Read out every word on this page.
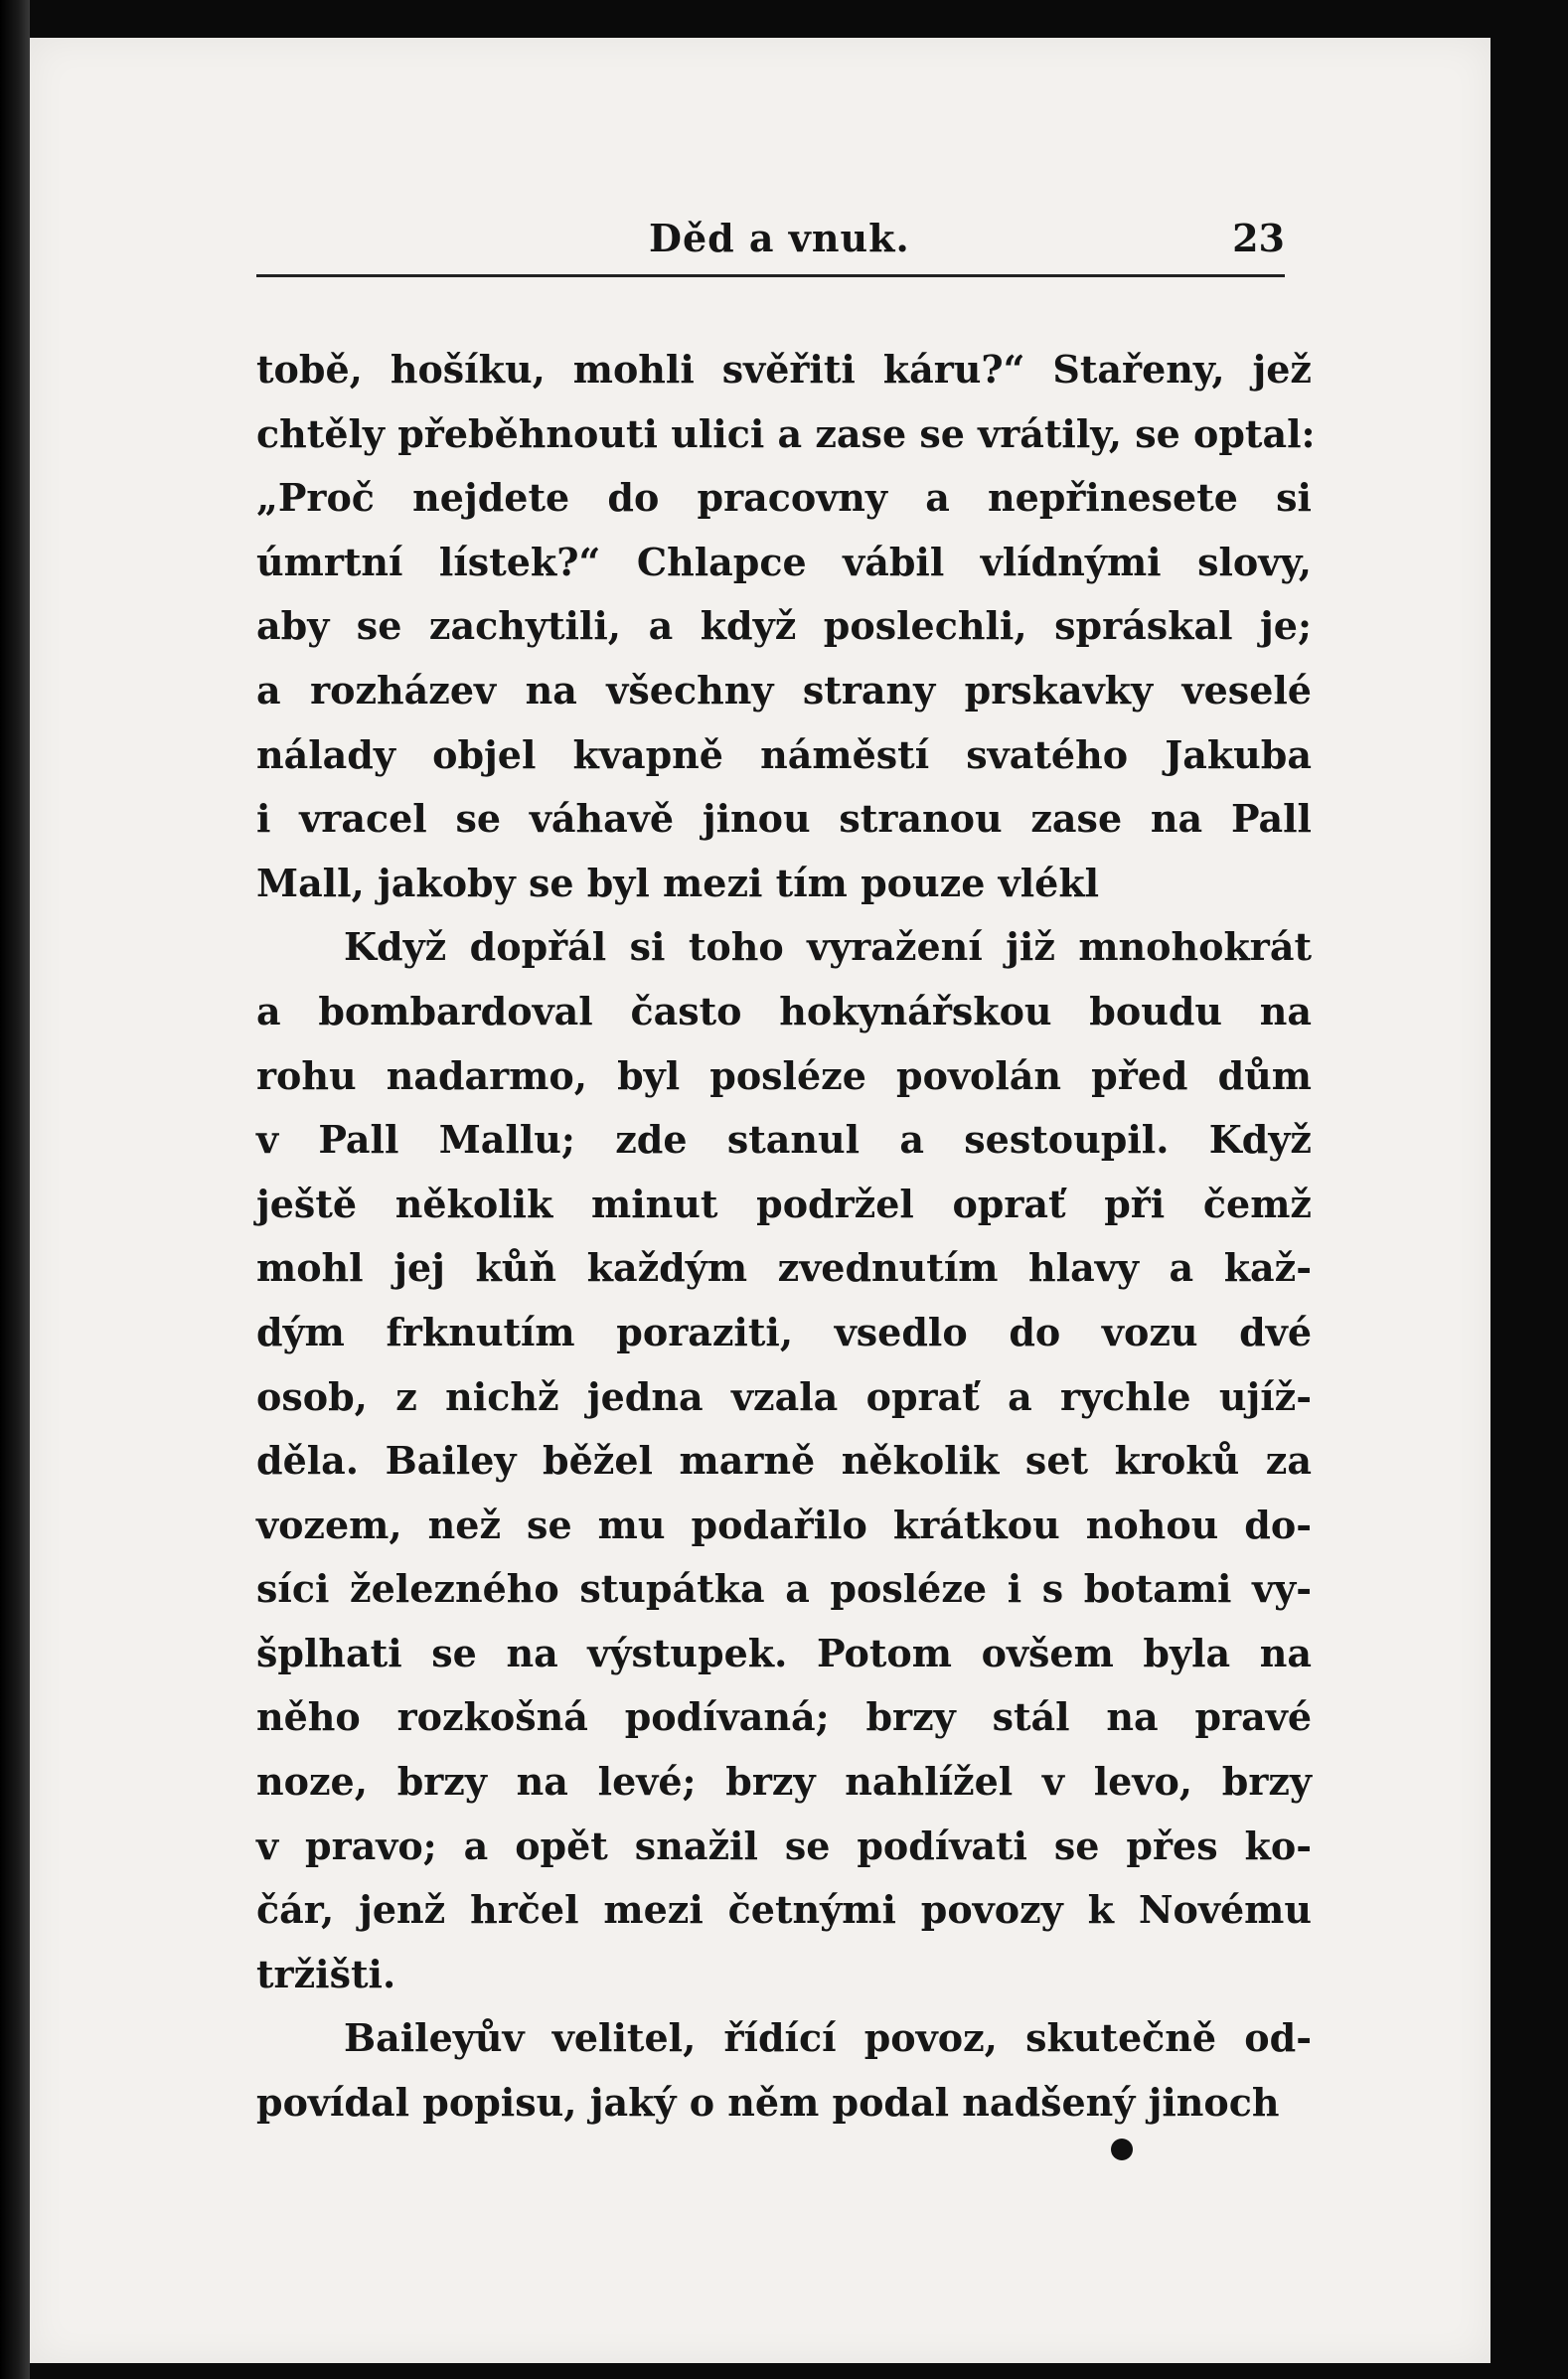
Děd a vnuk.	23
tobě, hošíku, mohli svěřiti káru?“ Stařeny, jež
chtěly přeběhnouti ulici a zase se vrátily, se optal:
„Proč nejdete do pracovny a nepřinesete si
úmrtní lístek?“ Chlapce vábil vlídnými slovy,
aby se zachytili, a když poslechli, spráskal je;
a rozházev na všechny strany prskavky veselé
nálady objel kvapně náměstí svatého Jakuba
i vracel se váhavě jinou stranou zase na Pall
Mall, jakoby se byl mezi tím pouze vlékl
Když dopřál si toho vyražení již mnohokrát
a bombardoval často hokynářskou boudu na
rohu nadarmo, byl posléze povolán před dům
v Pall Mallu; zde stanul a sestoupil. Když
ještě několik minut podržel oprať při čemž
mohl jej kůň každým zvednutím hlavy a kaž-
dým frknutím poraziti, vsedlo do vozu dvé
osob, z nichž jedna vzala oprať a rychle ujíž-
děla. Bailey běžel marně několik set kroků za
vozem, než se mu podařilo krátkou nohou do-
síci železného stupátka a posléze i s botami vy-
šplhati se na výstupek. Potom ovšem byla na
něho rozkošná podívaná; brzy stál na pravé
noze, brzy na levé; brzy nahlížel v levo, brzy
v pravo; a opět snažil se podívati se přes ko-
čár, jenž hrčel mezi četnými povozy k Novému
tržišti.
Baileyův velitel, řídící povoz, skutečně od-
povídal popisu, jaký o něm podal nadšený jinoch
